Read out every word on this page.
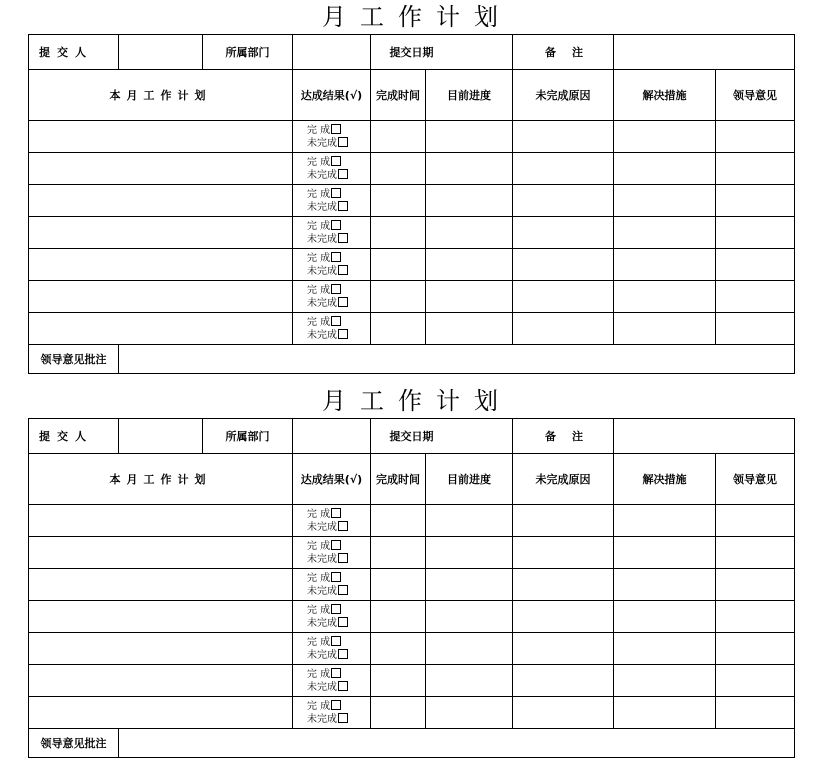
月工作计划
提交人		所属部门		提交日期		备注		
本月工作计划			达成结果(√)	完成时间	目前进度	未完成原因	解决措施	领导意见

			完 成
未完成					

			完 成
未完成					

			完 成
未完成					

			完 成
未完成					

			完 成
未完成					

			完 成
未完成					

			完 成
未完成					

领导意见批注								
月工作计划
提交人		所属部门		提交日期		备注		
本月工作计划			达成结果(√)	完成时间	目前进度	未完成原因	解决措施	领导意见

			完 成
未完成					

			完 成
未完成					

			完 成
未完成					

			完 成
未完成					

			完 成
未完成					

			完 成
未完成					

			完 成
未完成					

领导意见批注								
